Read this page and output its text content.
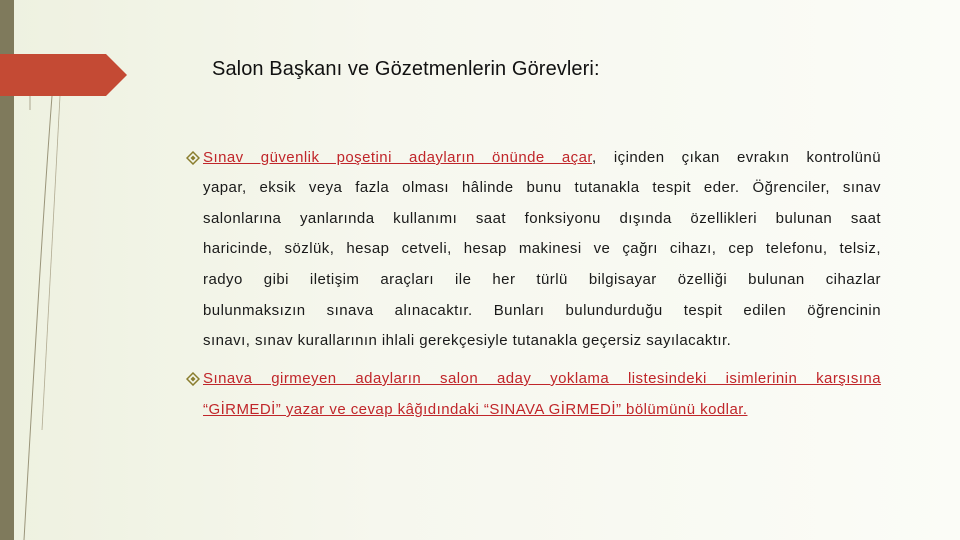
Salon Başkanı ve Gözetmenlerin Görevleri:
Sınav güvenlik poşetini adayların önünde açar, içinden çıkan evrakın kontrolünü
yapar, eksik veya fazla olması hâlinde bunu tutanakla tespit eder. Öğrenciler, sınav
salonlarına yanlarında kullanımı saat fonksiyonu dışında özellikleri bulunan saat
haricinde, sözlük, hesap cetveli, hesap makinesi ve çağrı cihazı, cep telefonu, telsiz,
radyo gibi iletişim araçları ile her türlü bilgisayar özelliği bulunan cihazlar
bulunmaksızın sınava alınacaktır. Bunları bulundurduğu tespit edilen öğrencinin
sınavı, sınav kurallarının ihlali gerekçesiyle tutanakla geçersiz sayılacaktır.
Sınava girmeyen adayların salon aday yoklama listesindeki isimlerinin karşısına
“GİRMEDİ” yazar ve cevap kâğıdındaki “SINAVA GİRMEDİ” bölümünü kodlar.
